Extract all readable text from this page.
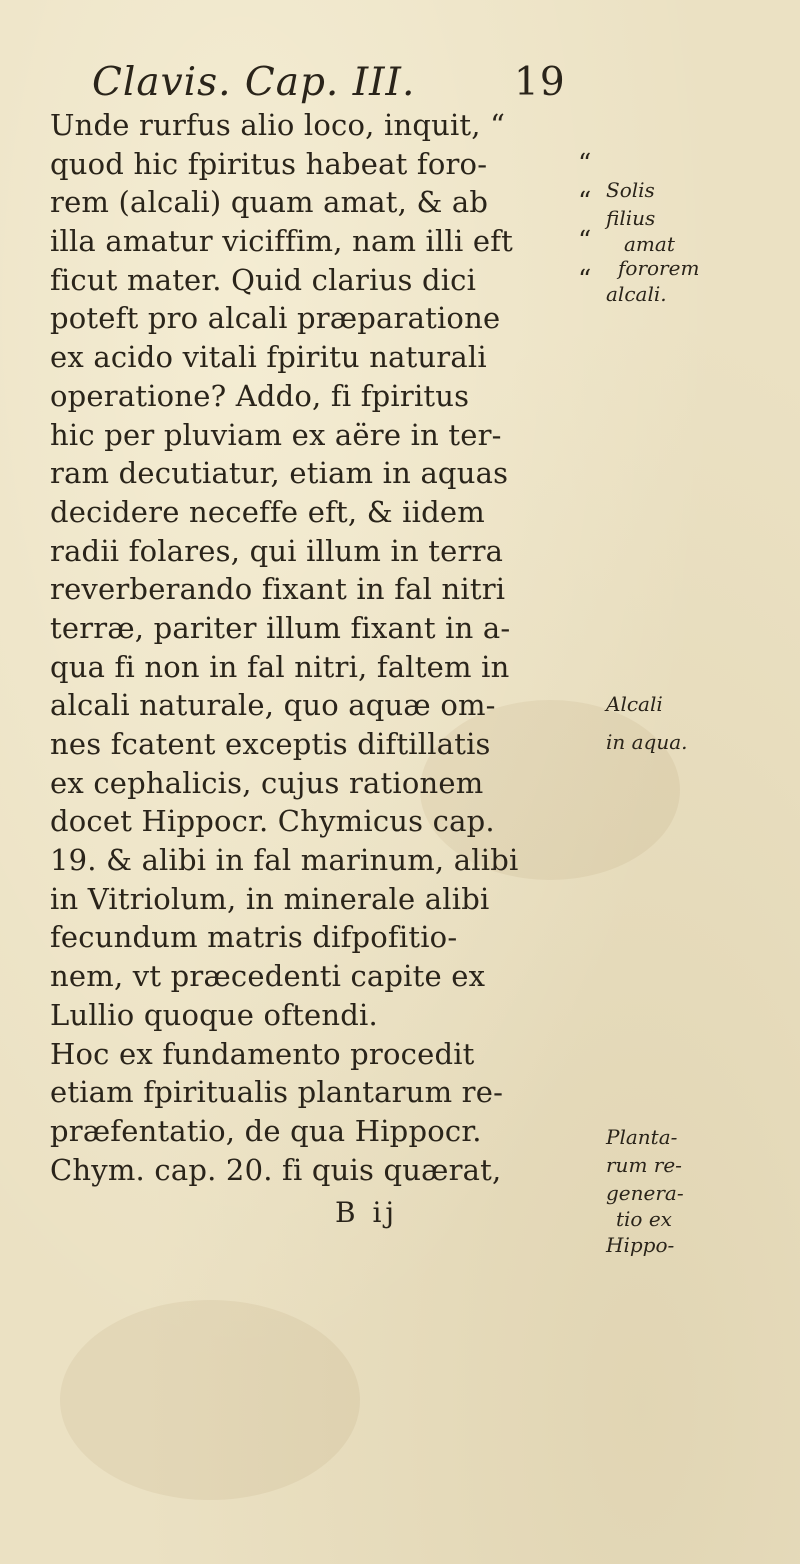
Clavis. Cap. III.	19
Unde rurfus alio loco, inquit, “
quod hic fpiritus habeat foro-	“
rem (alcali) quam amat, & ab	“
illa amatur viciffim, nam illi eft “
ficut mater. Quid clarius dici	“
poteft pro alcali præparatione
ex acido vitali fpiritu naturali
operatione? Addo, fi fpiritus
hic per pluviam ex aëre in ter-
ram decutiatur, etiam in aquas
decidere neceffe eft, & iidem
radii folares, qui illum in terra
reverberando fixant in fal nitri
terræ, pariter illum fixant in a-
qua fi non in fal nitri, faltem in
alcali naturale, quo aquæ om-
nes fcatent exceptis diftillatis
ex cephalicis, cujus rationem
docet Hippocr. Chymicus cap.
19. & alibi in fal marinum, alibi
in Vitriolum, in minerale alibi
fecundum matris difpofitio-
nem, vt præcedenti capite ex
Lullio quoque oftendi.
Hoc ex fundamento procedit
etiam fpiritualis plantarum re-
præfentatio, de qua Hippocr.
Chym. cap. 20. fi quis quærat,
Solis
filius
amat
fororem
alcali.
Alcali
in aqua.
Planta-
rum re-
genera-
tio ex
Hippo-
B ij
